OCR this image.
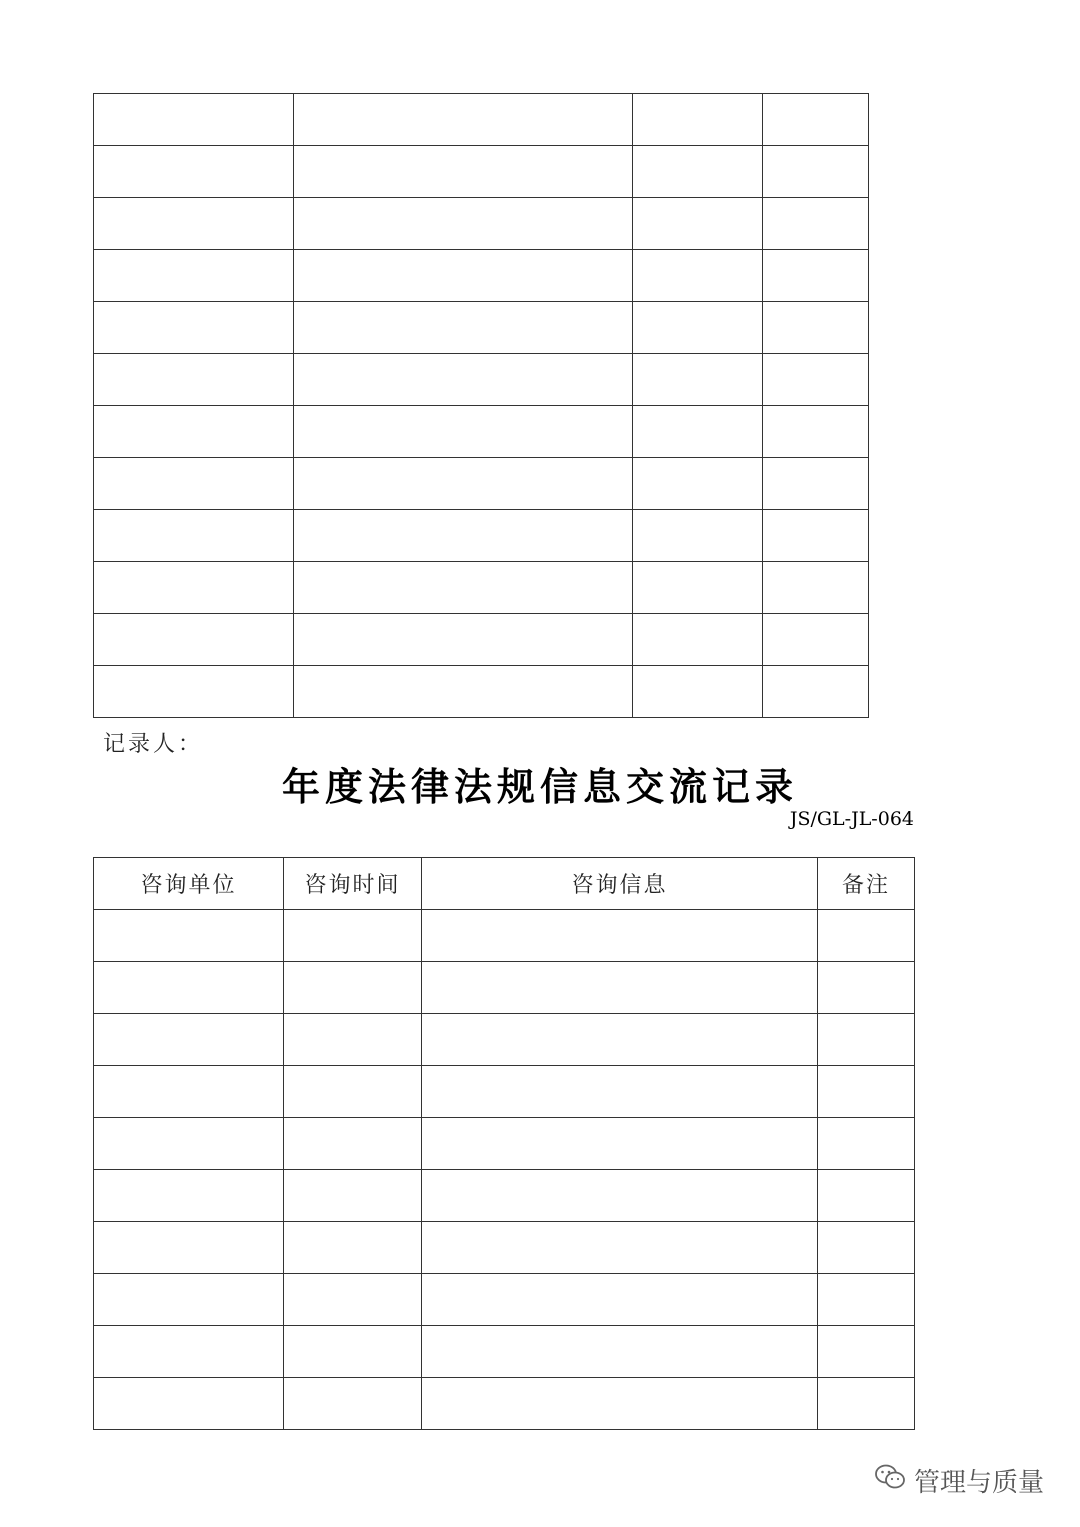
记录人：
年度法律法规信息交流记录
JS/GL-JL-064
咨询单位	咨询时间	咨询信息	备注

管理与质量
